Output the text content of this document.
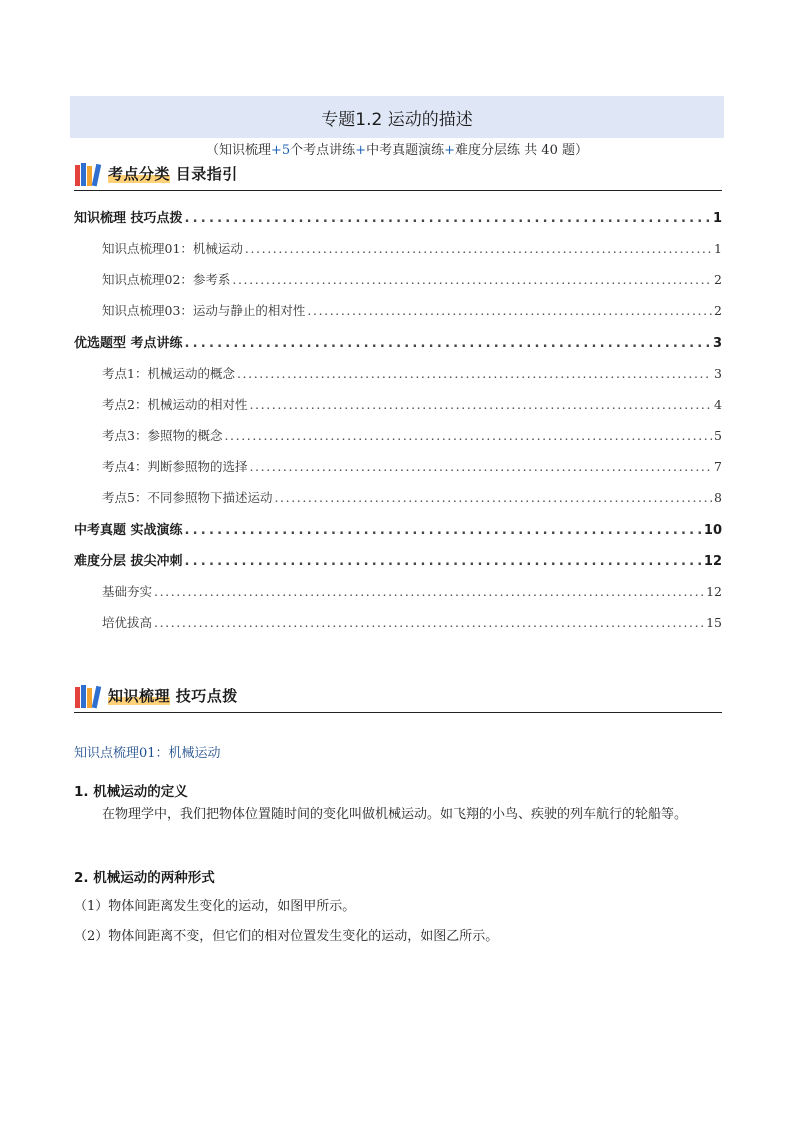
专题1.2 运动的描述
（知识梳理+5个考点讲练+中考真题演练+难度分层练 共 40 题）
考点分类 目录指引
知识梳理 技巧点拨 .....	1
知识点梳理01：机械运动 .....	1
知识点梳理02：参考系 .....	2
知识点梳理03：运动与静止的相对性 .....	2
优选题型 考点讲练 .....	3
考点1：机械运动的概念 .....	3
考点2：机械运动的相对性 .....	4
考点3：参照物的概念 .....	5
考点4：判断参照物的选择 .....	7
考点5：不同参照物下描述运动 .....	8
中考真题 实战演练 .....	10
难度分层 拔尖冲刺 .....	12
基础夯实 .....	12
培优拔高 .....	15
知识梳理 技巧点拨
知识点梳理01：机械运动
1. 机械运动的定义
在物理学中，我们把物体位置随时间的变化叫做机械运动。如飞翔的小鸟、疾驶的列车航行的轮船等。
2. 机械运动的两种形式
（1）物体间距离发生变化的运动，如图甲所示。
（2）物体间距离不变，但它们的相对位置发生变化的运动，如图乙所示。
